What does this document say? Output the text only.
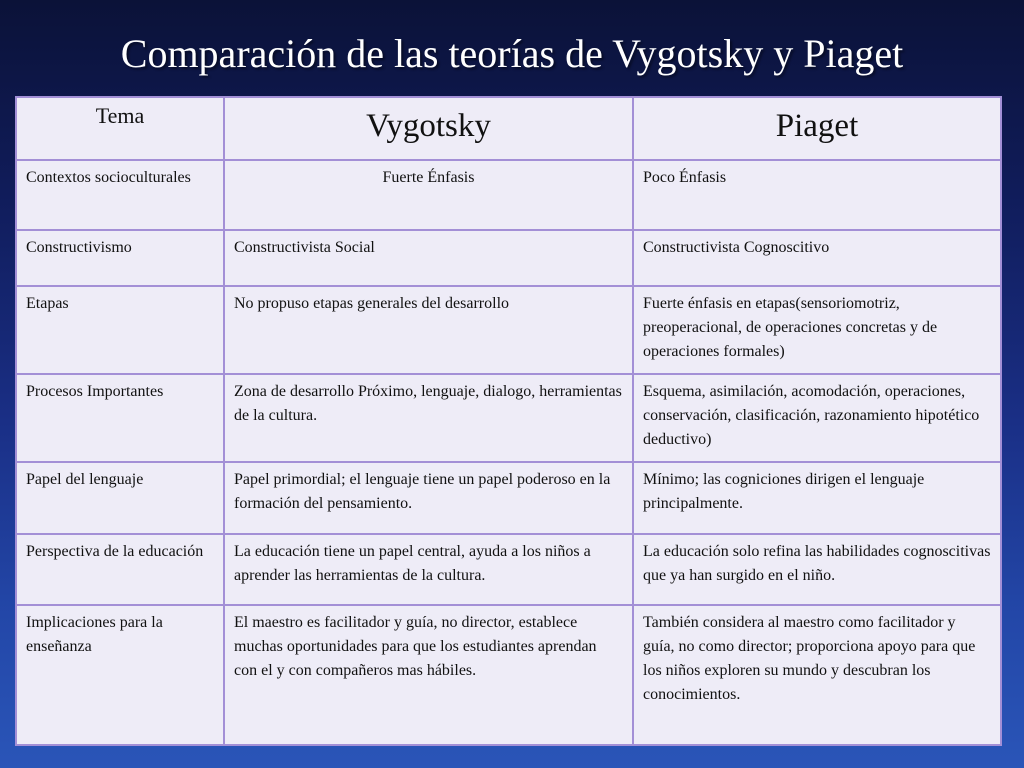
Comparación de las teorías de Vygotsky y Piaget
Tema	Vygotsky	Piaget
Contextos socioculturales	Fuerte Énfasis	Poco Énfasis
Constructivismo	Constructivista Social	Constructivista Cognoscitivo
Etapas	No propuso etapas generales del desarrollo	Fuerte énfasis en etapas(sensoriomotriz, preoperacional, de operaciones concretas y de operaciones formales)
Procesos Importantes	Zona de desarrollo Próximo, lenguaje, dialogo, herramientas de la cultura.	Esquema, asimilación, acomodación, operaciones, conservación, clasificación, razonamiento hipotético deductivo)
Papel del lenguaje	Papel primordial; el lenguaje tiene un papel poderoso en la formación del pensamiento.	Mínimo; las cogniciones dirigen el lenguaje principalmente.
Perspectiva de la educación	La educación tiene un papel central, ayuda a los niños a aprender las herramientas de la cultura.	La educación solo refina las habilidades cognoscitivas que ya han surgido en el niño.
Implicaciones para la enseñanza	El maestro es facilitador y guía, no director, establece muchas oportunidades para que los estudiantes aprendan con el y con compañeros mas hábiles.	También considera al maestro como facilitador y guía, no como director; proporciona apoyo para que los niños exploren su mundo y descubran los conocimientos.
